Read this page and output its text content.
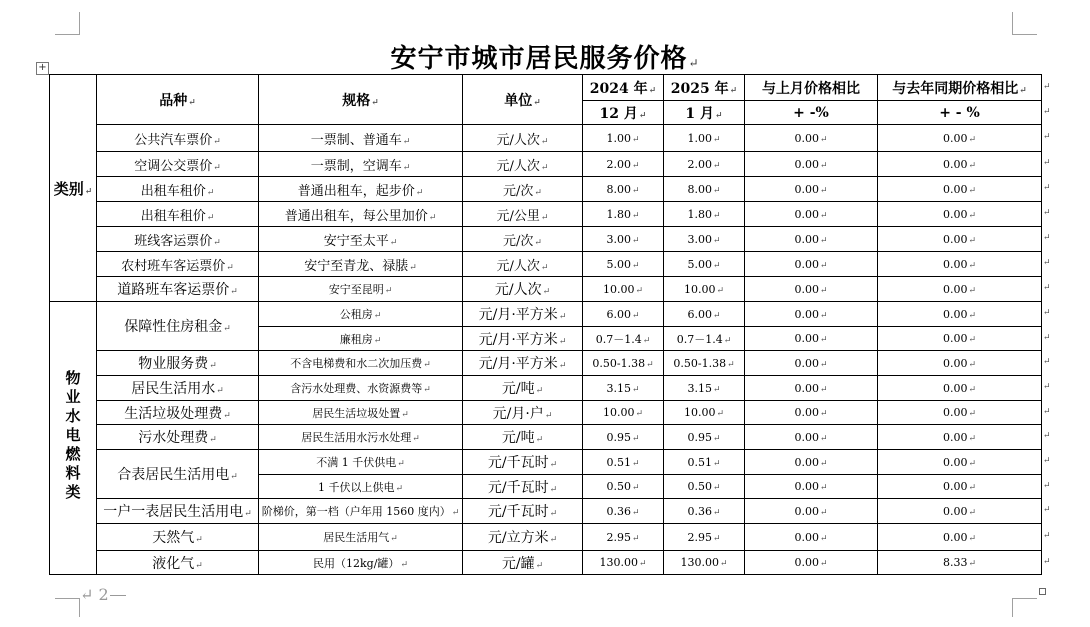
安宁市城市居民服务价格↵
+
类别↵	品种↵	规格↵	单位↵	2024 年↵	2025 年↵	与上月价格相比	与去年同期价格相比↵
				12 月↵	1 月↵	+ -%	+ - %
	公共汽车票价↵	一票制、普通车↵	元/人次↵	1.00↵	1.00↵	0.00↵	0.00↵
	空调公交票价↵	一票制，空调车↵	元/人次↵	2.00↵	2.00↵	0.00↵	0.00↵
	出租车租价↵	普通出租车，起步价↵	元/次↵	8.00↵	8.00↵	0.00↵	0.00↵
	出租车租价↵	普通出租车，每公里加价↵	元/公里↵	1.80↵	1.80↵	0.00↵	0.00↵
	班线客运票价↵	安宁至太平↵	元/次↵	3.00↵	3.00↵	0.00↵	0.00↵
	农村班车客运票价↵	安宁至青龙、禄脿↵	元/人次↵	5.00↵	5.00↵	0.00↵	0.00↵
	道路班车客运票价↵	安宁至昆明↵	元/人次↵	10.00↵	10.00↵	0.00↵	0.00↵
物业水电燃料类	保障性住房租金↵	公租房↵	元/月·平方米↵	6.00↵	6.00↵	0.00↵	0.00↵
		廉租房↵	元/月·平方米↵	0.7－1.4↵	0.7－1.4↵	0.00↵	0.00↵
	物业服务费↵	不含电梯费和水二次加压费↵	元/月·平方米↵	0.50-1.38↵	0.50-1.38↵	0.00↵	0.00↵
	居民生活用水↵	含污水处理费、水资源费等↵	元/吨↵	3.15↵	3.15↵	0.00↵	0.00↵
	生活垃圾处理费↵	居民生活垃圾处置↵	元/月·户↵	10.00↵	10.00↵	0.00↵	0.00↵
	污水处理费↵	居民生活用水污水处理↵	元/吨↵	0.95↵	0.95↵	0.00↵	0.00↵
	合表居民生活用电↵	不满 1 千伏供电↵	元/千瓦时↵	0.51↵	0.51↵	0.00↵	0.00↵
		1 千伏以上供电↵	元/千瓦时↵	0.50↵	0.50↵	0.00↵	0.00↵
	一户一表居民生活用电↵	阶梯价，第一档（户年用 1560 度内）↵	元/千瓦时↵	0.36↵	0.36↵	0.00↵	0.00↵
	天然气↵	居民生活用气↵	元/立方米↵	2.95↵	2.95↵	0.00↵	0.00↵
	液化气↵	民用（12kg/罐）↵	元/罐↵	130.00↵	130.00↵	0.00↵	8.33↵
↵ 2
↵
↵
↵
↵
↵
↵
↵
↵
↵
↵
↵
↵
↵
↵
↵
↵
↵
↵
↵
↵
